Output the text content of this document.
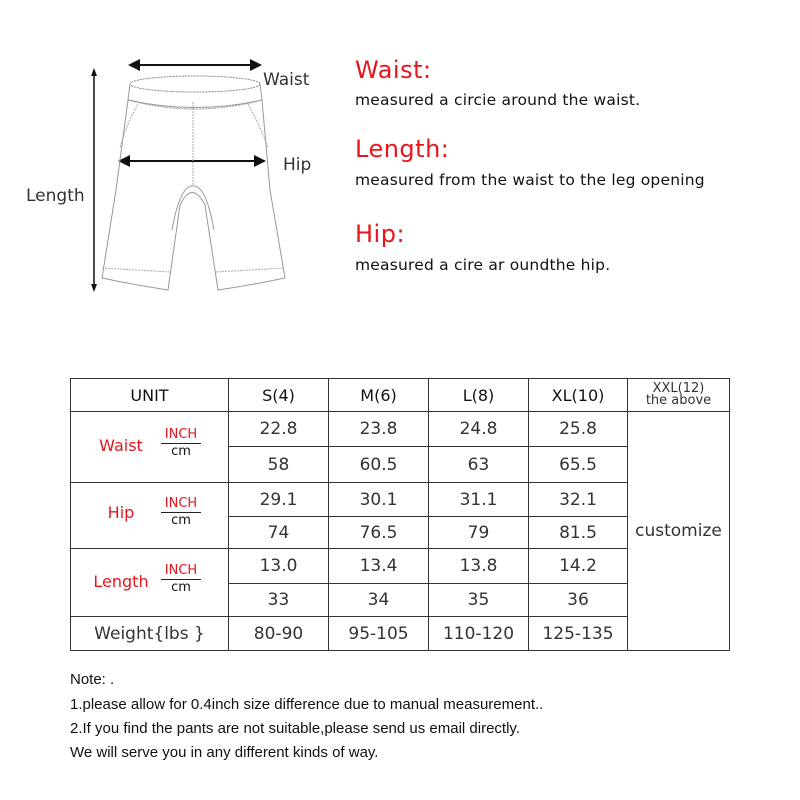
Waist
Hip
Length
Waist:
measured a circie around the waist.
Length:
measured from the waist to the leg opening
Hip:
measured a cire ar oundthe hip.
UNIT	S(4)	M(6)	L(8)	XL(10)	XXL(12)
the above

Waist
INCH
cm	22.8	23.8	24.8	25.8	customize
	58	60.5	63	65.5	

Hip INCH
cm	29.1	30.1	31.1	32.1	
	74	76.5	79	81.5	

Length
INCH
cm	13.0	13.4	13.8	14.2	
	33	34	35	36	
Weight{lbs }	80-90	95-105	110-120	125-135	
Note: .
1.please allow for 0.4inch size difference due to manual measurement..
2.If you find the pants are not suitable,please send us email directly.
We will serve you in any different kinds of way.
